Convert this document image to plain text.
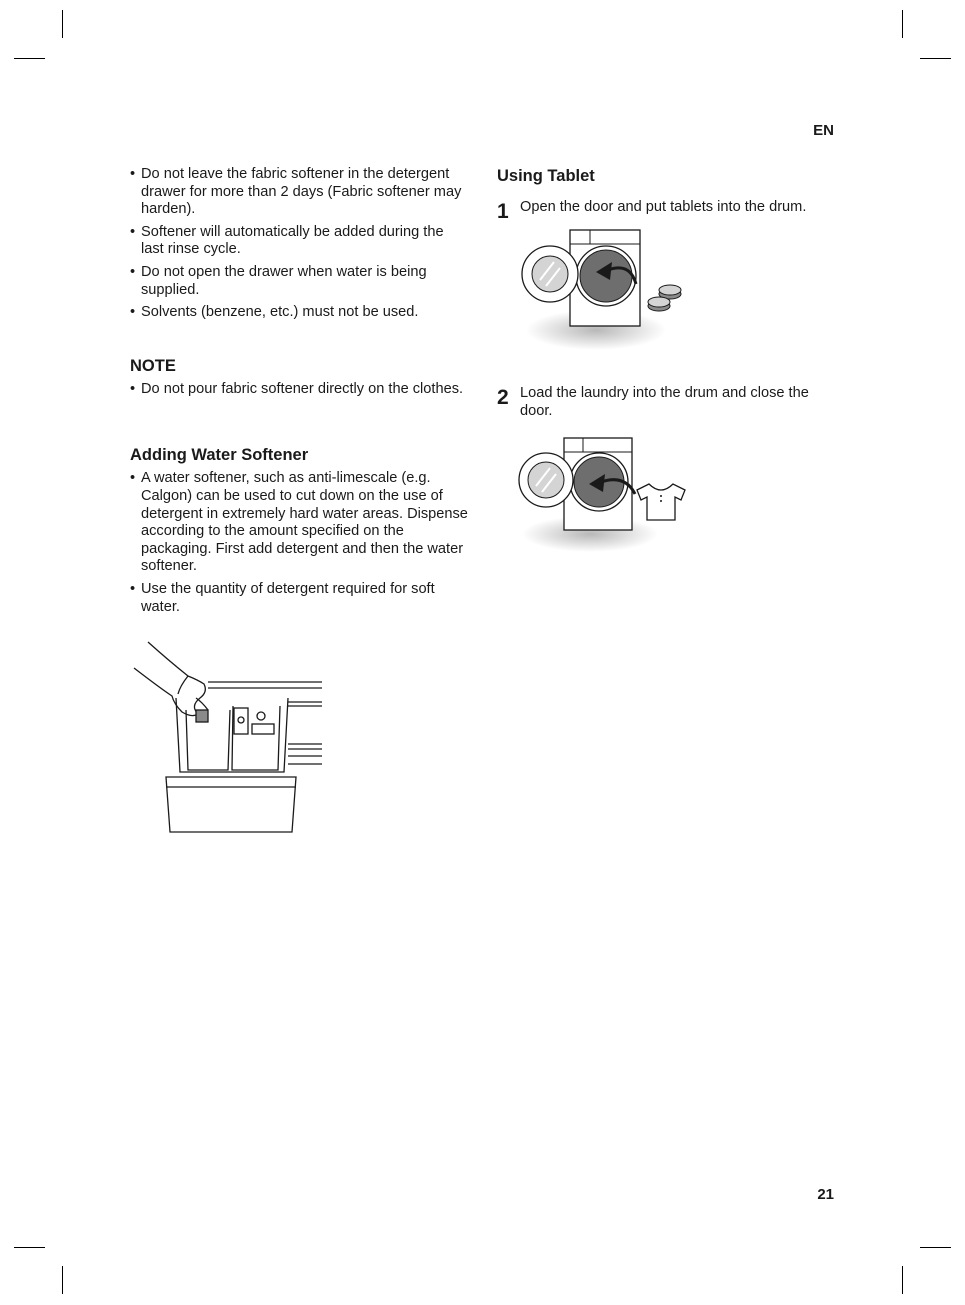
EN
• Do not leave the fabric softener in the detergent drawer for more than 2 days (Fabric softener may harden).
• Softener will automatically be added during the last rinse cycle.
• Do not open the drawer when water is being supplied.
• Solvents (benzene, etc.) must not be used.
NOTE
• Do not pour fabric softener directly on the clothes.
Adding Water Softener
• A water softener, such as anti-limescale (e.g. Calgon) can be used to cut down on the use of detergent in extremely hard water areas. Dispense according to the amount specified on the packaging. First add detergent and then the water softener.
• Use the quantity of detergent required for soft water.
Using Tablet
1 Open the door and put tablets into the drum.
2 Load the laundry into the drum and close the door.
21
